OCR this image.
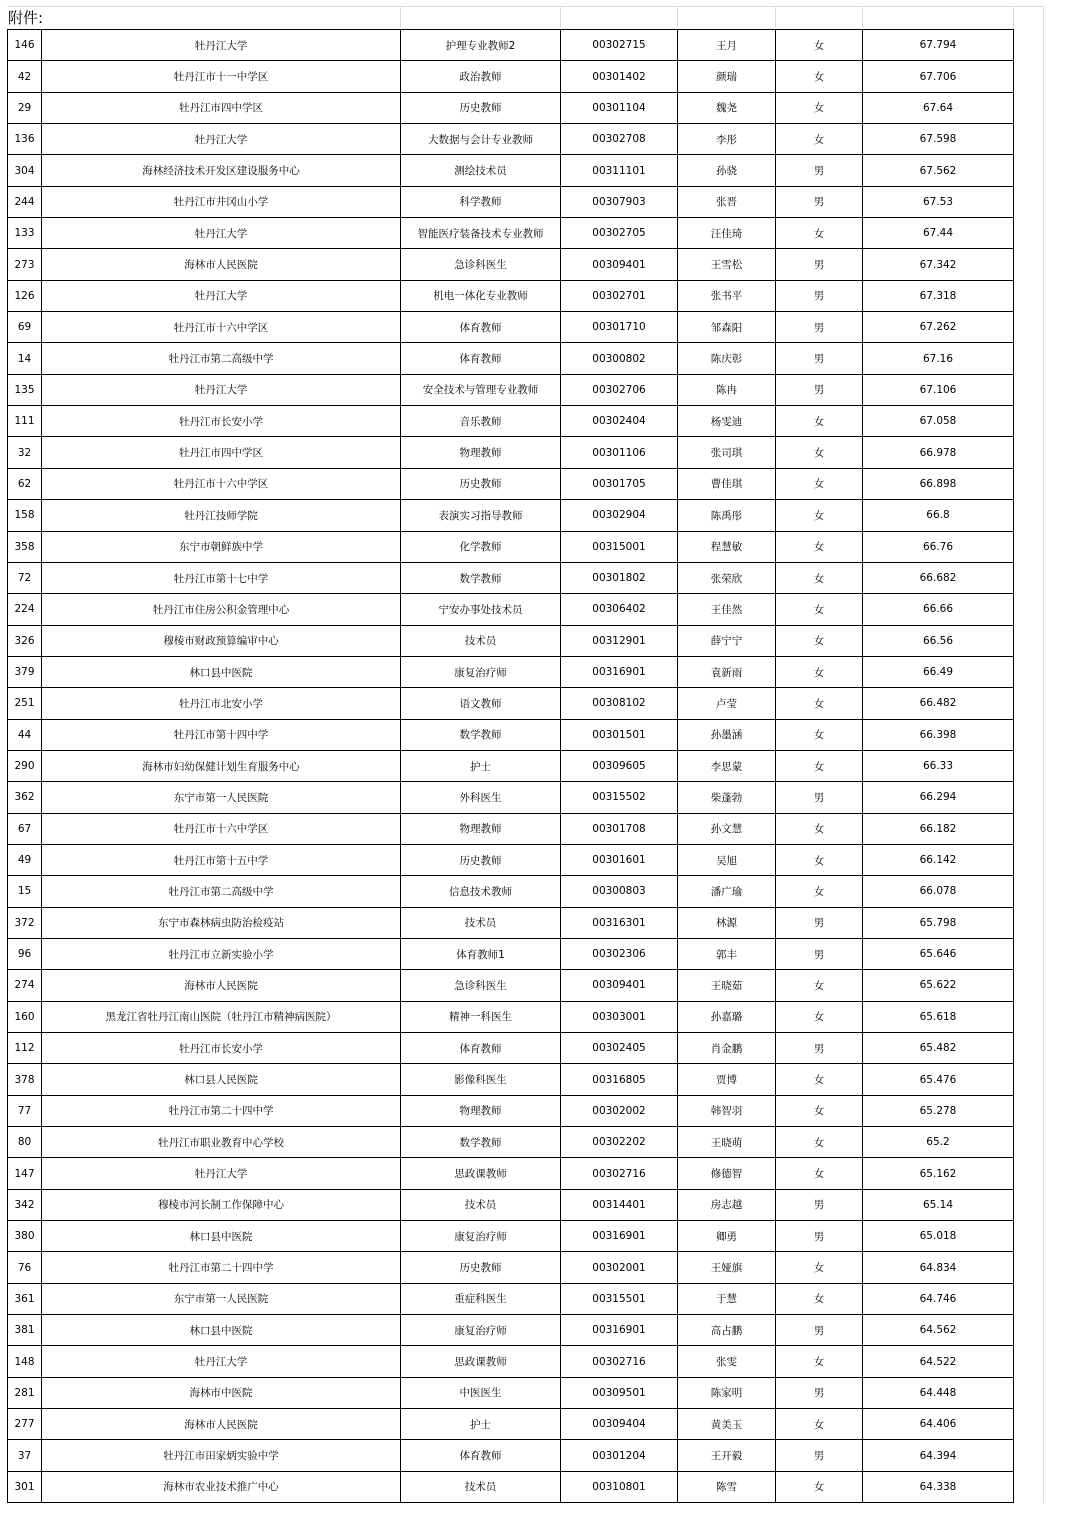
附件:
146	牡丹江大学	护理专业教师2	00302715	王月	女	67.794
42	牡丹江市十一中学区	政治教师	00301402	颜瑞	女	67.706
29	牡丹江市四中学区	历史教师	00301104	魏尧	女	67.64
136	牡丹江大学	大数据与会计专业教师	00302708	李彤	女	67.598
304	海林经济技术开发区建设服务中心	测绘技术员	00311101	孙骁	男	67.562
244	牡丹江市井冈山小学	科学教师	00307903	张晋	男	67.53
133	牡丹江大学	智能医疗装备技术专业教师	00302705	汪佳琦	女	67.44
273	海林市人民医院	急诊科医生	00309401	王雪松	男	67.342
126	牡丹江大学	机电一体化专业教师	00302701	张书平	男	67.318
69	牡丹江市十六中学区	体育教师	00301710	邹森阳	男	67.262
14	牡丹江市第二高级中学	体育教师	00300802	陈庆彰	男	67.16
135	牡丹江大学	安全技术与管理专业教师	00302706	陈冉	男	67.106
111	牡丹江市长安小学	音乐教师	00302404	杨雯迪	女	67.058
32	牡丹江市四中学区	物理教师	00301106	张司琪	女	66.978
62	牡丹江市十六中学区	历史教师	00301705	曹佳琪	女	66.898
158	牡丹江技师学院	表演实习指导教师	00302904	陈禹彤	女	66.8
358	东宁市朝鲜族中学	化学教师	00315001	程慧敏	女	66.76
72	牡丹江市第十七中学	数学教师	00301802	张荣欣	女	66.682
224	牡丹江市住房公积金管理中心	宁安办事处技术员	00306402	王佳然	女	66.66
326	穆棱市财政预算编审中心	技术员	00312901	薛宁宁	女	66.56
379	林口县中医院	康复治疗师	00316901	袁新雨	女	66.49
251	牡丹江市北安小学	语文教师	00308102	卢莹	女	66.482
44	牡丹江市第十四中学	数学教师	00301501	孙墨涵	女	66.398
290	海林市妇幼保健计划生育服务中心	护士	00309605	李思蒙	女	66.33
362	东宁市第一人民医院	外科医生	00315502	柴蓬勃	男	66.294
67	牡丹江市十六中学区	物理教师	00301708	孙文慧	女	66.182
49	牡丹江市第十五中学	历史教师	00301601	吴旭	女	66.142
15	牡丹江市第二高级中学	信息技术教师	00300803	潘广瑜	女	66.078
372	东宁市森林病虫防治检疫站	技术员	00316301	林源	男	65.798
96	牡丹江市立新实验小学	体育教师1	00302306	郭丰	男	65.646
274	海林市人民医院	急诊科医生	00309401	王晓茹	女	65.622
160	黑龙江省牡丹江南山医院（牡丹江市精神病医院）	精神一科医生	00303001	孙嘉璐	女	65.618
112	牡丹江市长安小学	体育教师	00302405	肖金鹏	男	65.482
378	林口县人民医院	影像科医生	00316805	贾博	女	65.476
77	牡丹江市第二十四中学	物理教师	00302002	韩智羽	女	65.278
80	牡丹江市职业教育中心学校	数学教师	00302202	王晓萌	女	65.2
147	牡丹江大学	思政课教师	00302716	修德智	女	65.162
342	穆棱市河长制工作保障中心	技术员	00314401	房志越	男	65.14
380	林口县中医院	康复治疗师	00316901	卿勇	男	65.018
76	牡丹江市第二十四中学	历史教师	00302001	王娅旗	女	64.834
361	东宁市第一人民医院	重症科医生	00315501	于慧	女	64.746
381	林口县中医院	康复治疗师	00316901	高占鹏	男	64.562
148	牡丹江大学	思政课教师	00302716	张雯	女	64.522
281	海林市中医院	中医医生	00309501	陈家明	男	64.448
277	海林市人民医院	护士	00309404	黄美玉	女	64.406
37	牡丹江市田家炳实验中学	体育教师	00301204	王开毅	男	64.394
301	海林市农业技术推广中心	技术员	00310801	陈雪	女	64.338
